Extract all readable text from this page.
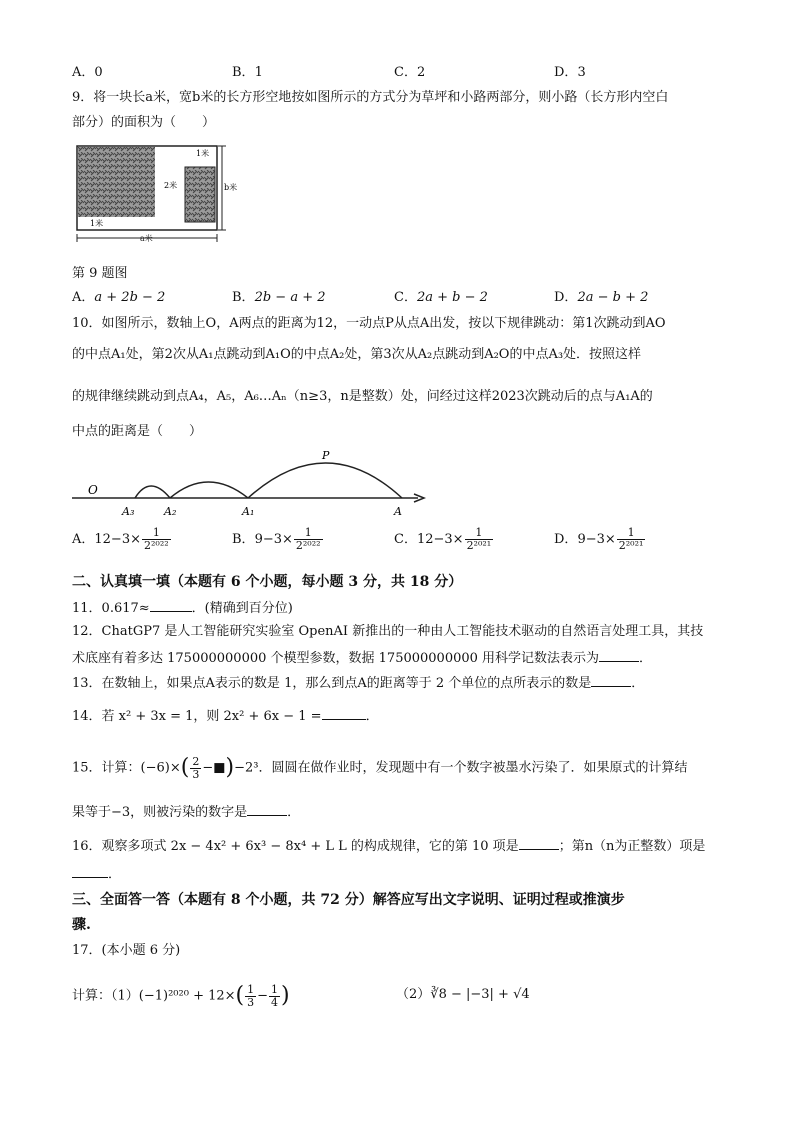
A．0	B．1	C．2	D．3
9．将一块长a米，宽b米的长方形空地按如图所示的方式分为草坪和小路两部分，则小路（长方形内空白
部分）的面积为（　　）
b米
a米
2米
1米
1米
第 9 题图
A．a + 2b − 2	B．2b − a + 2	C．2a + b − 2	D．2a − b + 2
10．如图所示，数轴上O，A两点的距离为12，一动点P从点A出发，按以下规律跳动：第1次跳动到AO
的中点A₁处，第2次从A₁点跳动到A₁O的中点A₂处，第3次从A₂点跳动到A₂O的中点A₃处．按照这样
的规律继续跳动到点A₄，A₅，A₆…Aₙ（n≥3，n是整数）处，问经过这样2023次跳动后的点与A₁A的
中点的距离是（　　）
O
P
A₃	A₂	A₁	A
A．$12-3\times \frac{1}{\text{2²⁰²²}}$	B．$9-3\times \frac{1}{\text{2²⁰²²}}$	C．$12-3\times \frac{1}{\text{2²⁰²¹}}$	D．$9-3\times \frac{1}{\text{2²⁰²¹}}$
二、认真填一填（本题有 6 个小题，每小题 3 分，共 18 分）
11．0.617≈	．(精确到百分位)
12．ChatGP7 是人工智能研究实验室 OpenAI 新推出的一种由人工智能技术驱动的自然语言处理工具，其技
术底座有着多达 175000000000 个模型参数，数据 175000000000 用科学记数法表示为	．
13．在数轴上，如果点A表示的数是 1，那么到点A的距离等于 2 个单位的点所表示的数是	．
14．若 x² + 3x = 1，则 2x² + 6x − 1 =	．
15．计算：$(-6)\times( \frac{2}{3}$ −■)−2³．圆圆在做作业时，发现题中有一个数字被墨水污染了．如果原式的计算结
果等于−3，则被污染的数字是	．
16．观察多项式 2x − 4x² + 6x³ − 8x⁴ + L L 的构成规律，它的第 10 项是	；第n（n为正整数）项是
．
三、全面答一答（本题有 8 个小题，共 72 分）解答应写出文字说明、证明过程或推演步
骤.
17．(本小题 6 分)
计算：$(1)(-1)^{2020} + 12\times( \frac{1}{3} - \frac{1}{4}$ )	（2）∛8 − |−3| + √4
